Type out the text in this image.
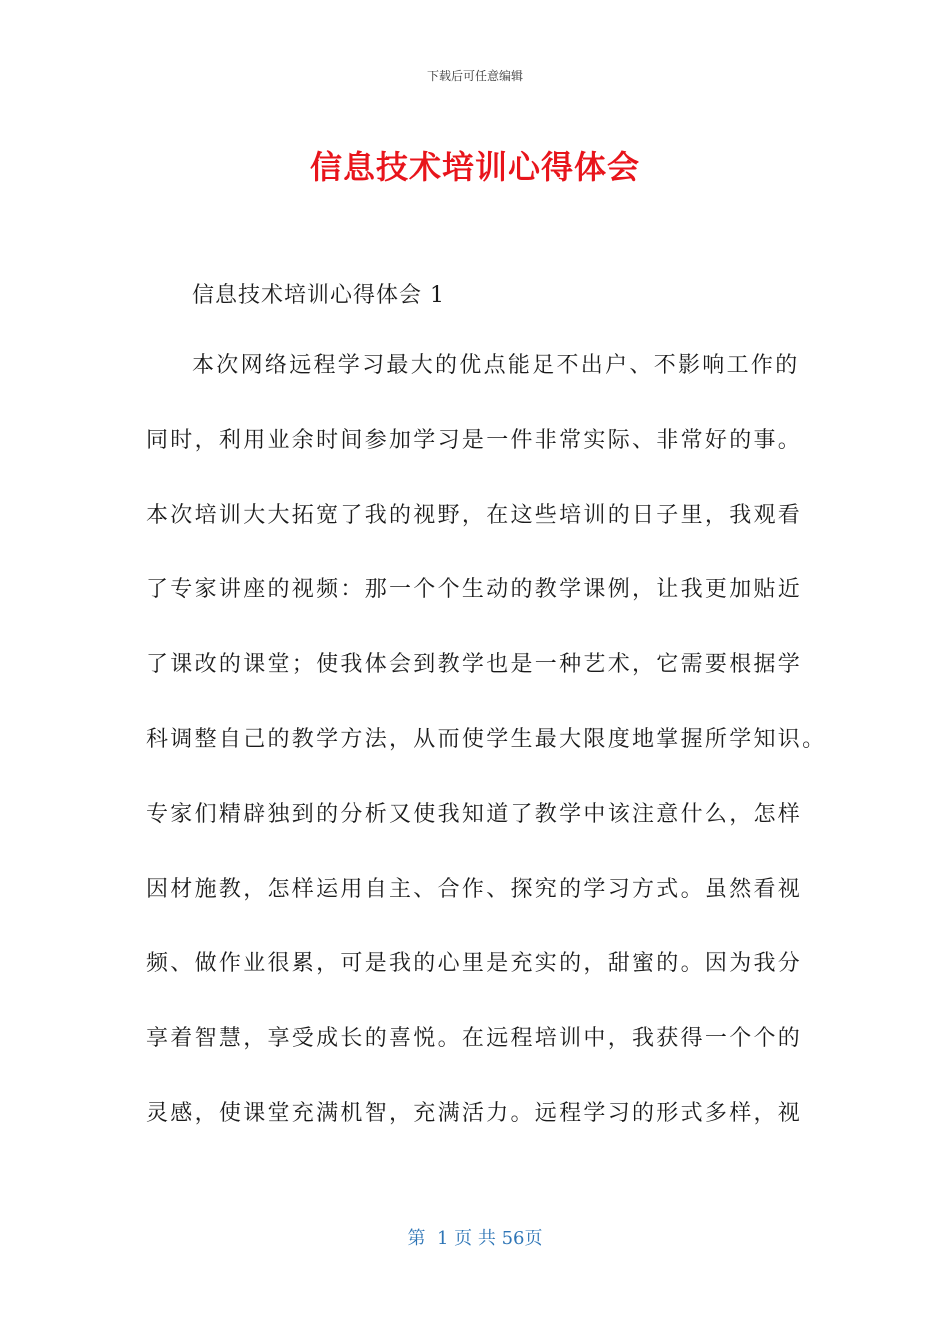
下载后可任意编辑
信息技术培训心得体会

信息技术培训心得体会 1

本次网络远程学习最大的优点能足不出户、不影响工作的

同时，利用业余时间参加学习是一件非常实际、非常好的事。

本次培训大大拓宽了我的视野，在这些培训的日子里，我观看

了专家讲座的视频：那一个个生动的教学课例，让我更加贴近

了课改的课堂；使我体会到教学也是一种艺术，它需要根据学

科调整自己的教学方法，从而使学生最大限度地掌握所学知识。

专家们精辟独到的分析又使我知道了教学中该注意什么，怎样

因材施教，怎样运用自主、合作、探究的学习方式。虽然看视

频、做作业很累，可是我的心里是充实的，甜蜜的。因为我分

享着智慧，享受成长的喜悦。在远程培训中，我获得一个个的

灵感，使课堂充满机智，充满活力。远程学习的形式多样，视

第  1 页 共 56页
